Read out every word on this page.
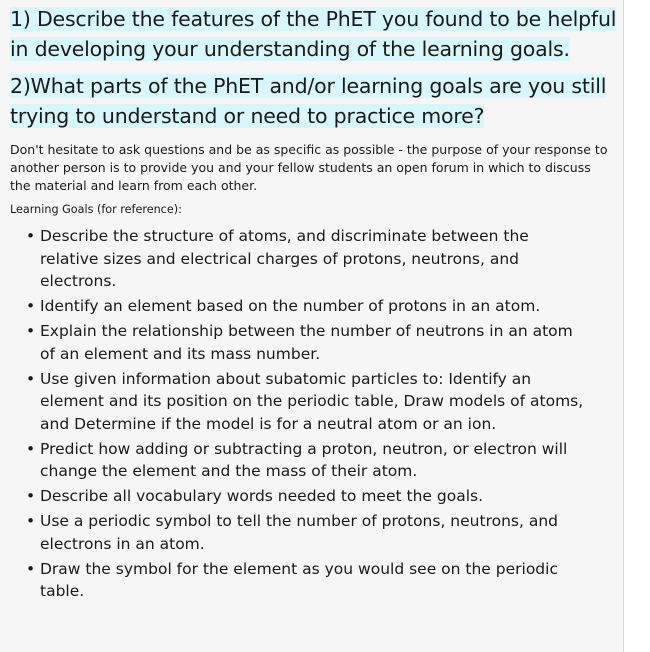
1) Describe the features of the PhET you found to be helpful in developing your understanding of the learning goals.
2)What parts of the PhET and/or learning goals are you still trying to understand or need to practice more?

Don't hesitate to ask questions and be as specific as possible - the purpose of your response to another person is to provide you and your fellow students an open forum in which to discuss the material and learn from each other.

Learning Goals (for reference):

• Describe the structure of atoms, and discriminate between the relative sizes and electrical charges of protons, neutrons, and electrons.
• Identify an element based on the number of protons in an atom.
• Explain the relationship between the number of neutrons in an atom of an element and its mass number.
• Use given information about subatomic particles to: Identify an element and its position on the periodic table, Draw models of atoms, and Determine if the model is for a neutral atom or an ion.
• Predict how adding or subtracting a proton, neutron, or electron will change the element and the mass of their atom.
• Describe all vocabulary words needed to meet the goals.
• Use a periodic symbol to tell the number of protons, neutrons, and electrons in an atom.
• Draw the symbol for the element as you would see on the periodic table.
